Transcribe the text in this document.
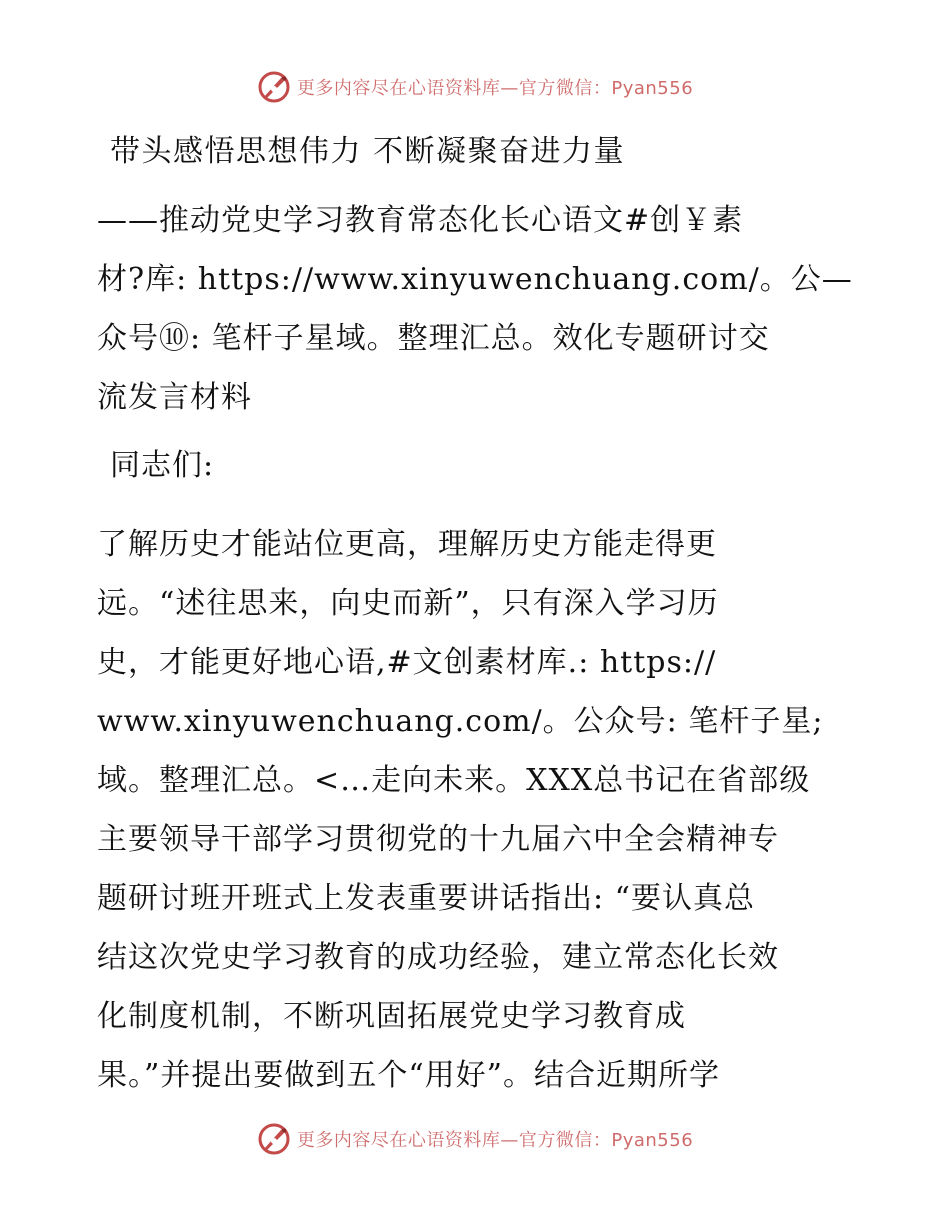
更多内容尽在心语资料库—官方微信：Pyan556
带头感悟思想伟力 不断凝聚奋进力量
——推动党史学习教育常态化长心语文#创￥素
材?库: https://www.xinyuwenchuang.com/。公—
众号⑩: 笔杆子星域。整理汇总。效化专题研讨交
流发言材料
同志们:
了解历史才能站位更高，理解历史方能走得更
远。“述往思来，向史而新”，只有深入学习历
史，才能更好地心语,#文创素材库.: https://
www.xinyuwenchuang.com/。公众号: 笔杆子星;
域。整理汇总。<…走向未来。XXX总书记在省部级
主要领导干部学习贯彻党的十九届六中全会精神专
题研讨班开班式上发表重要讲话指出: “要认真总
结这次党史学习教育的成功经验，建立常态化长效
化制度机制，不断巩固拓展党史学习教育成
果。”并提出要做到五个“用好”。结合近期所学
更多内容尽在心语资料库—官方微信：Pyan556
